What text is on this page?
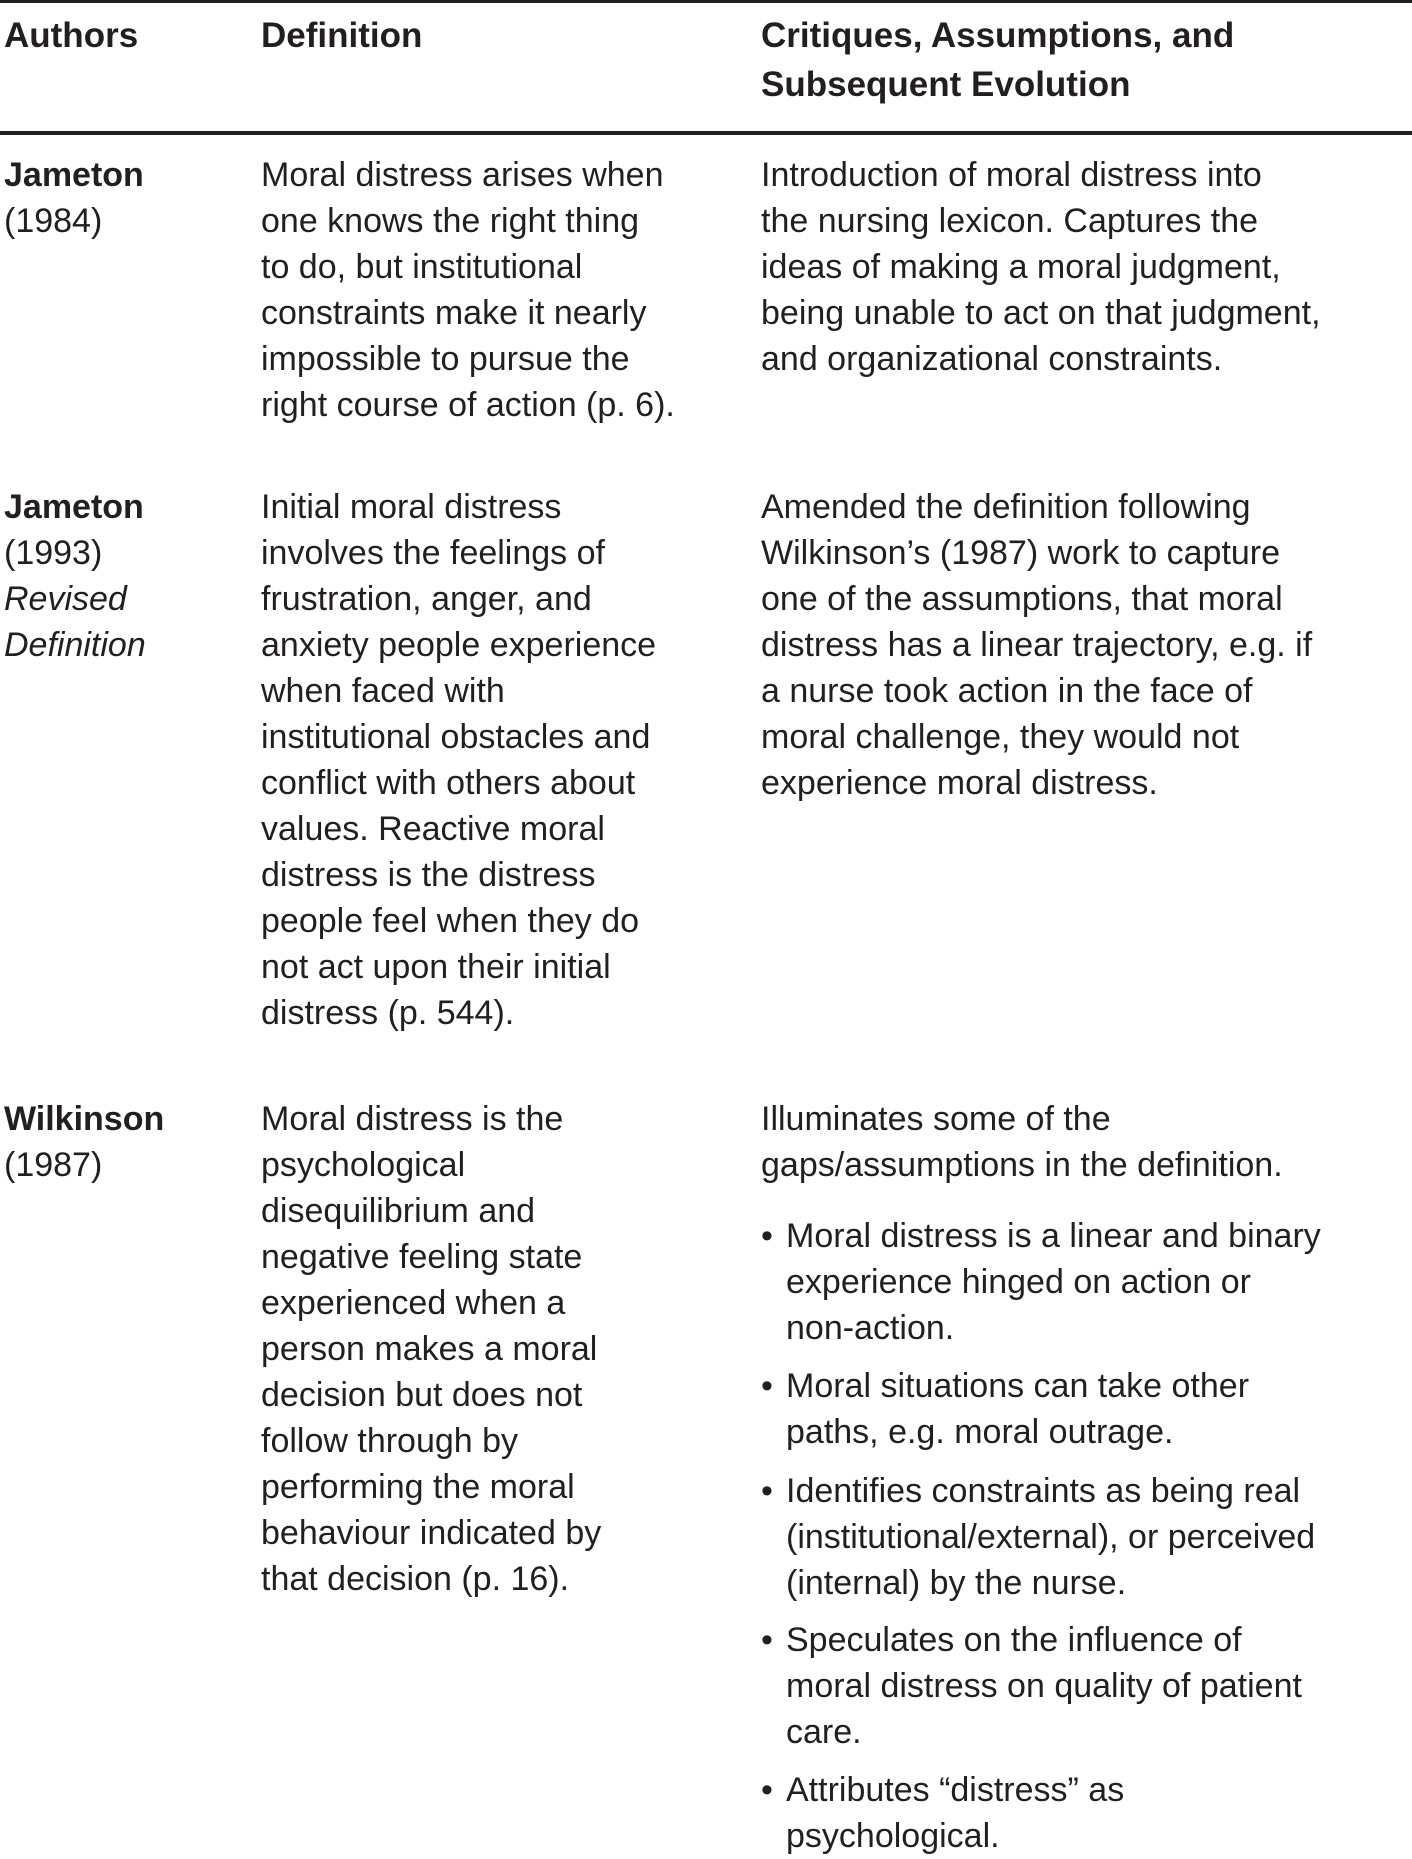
Authors	Definition	Critiques, Assumptions, and
Subsequent Evolution
Jameton
(1984)
Moral distress arises when
one knows the right thing
to do, but institutional
constraints make it nearly
impossible to pursue the
right course of action (p. 6).
Introduction of moral distress into
the nursing lexicon. Captures the
ideas of making a moral judgment,
being unable to act on that judgment,
and organizational constraints.
Jameton
(1993)
Revised
Definition
Initial moral distress
involves the feelings of
frustration, anger, and
anxiety people experience
when faced with
institutional obstacles and
conflict with others about
values. Reactive moral
distress is the distress
people feel when they do
not act upon their initial
distress (p. 544).
Amended the definition following
Wilkinson’s (1987) work to capture
one of the assumptions, that moral
distress has a linear trajectory, e.g. if
a nurse took action in the face of
moral challenge, they would not
experience moral distress.
Wilkinson
(1987)
Moral distress is the
psychological
disequilibrium and
negative feeling state
experienced when a
person makes a moral
decision but does not
follow through by
performing the moral
behaviour indicated by
that decision (p. 16).
Illuminates some of the
gaps/assumptions in the definition.
• Moral distress is a linear and binary
experience hinged on action or
non-action.
• Moral situations can take other
paths, e.g. moral outrage.
• Identifies constraints as being real
(institutional/external), or perceived
(internal) by the nurse.
• Speculates on the influence of
moral distress on quality of patient
care.
• Attributes “distress” as
psychological.
